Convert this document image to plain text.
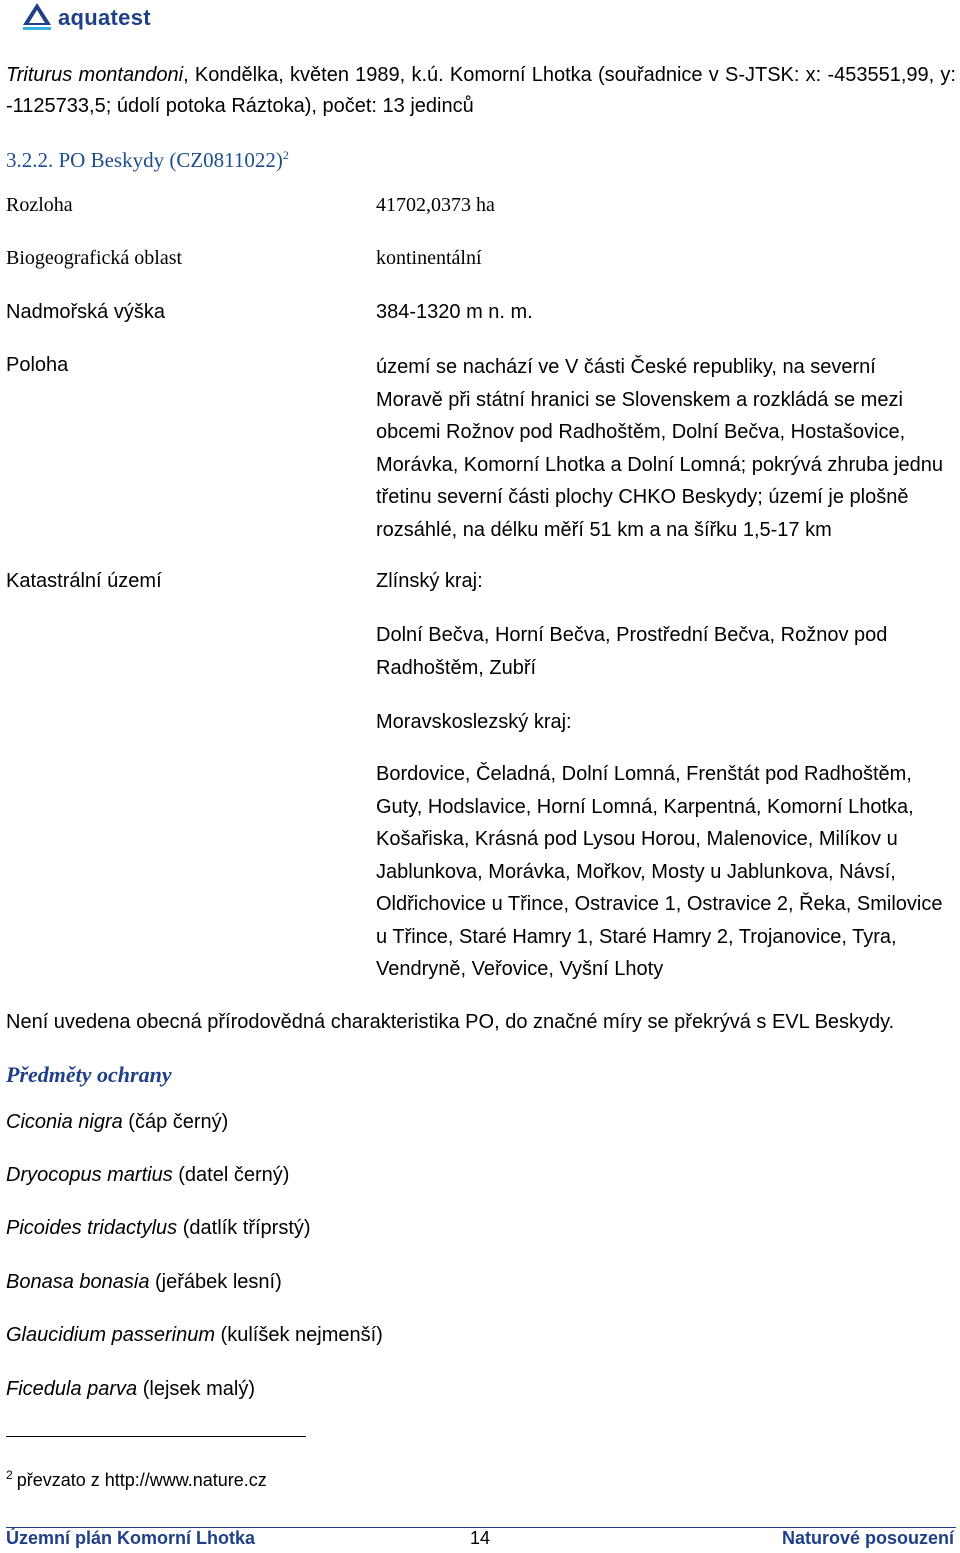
aquatest
Triturus montandoni, Kondělka, květen 1989, k.ú. Komorní Lhotka (souřadnice v S-JTSK: x: -453551,99, y: -1125733,5; údolí potoka Ráztoka), počet: 13 jedinců
3.2.2. PO Beskydy $(CZ0811022)^2$
Rozloha	41702,0373 ha
Biogeografická oblast	kontinentální
Nadmořská výška	384-1320 m n. m.
Poloha	území se nachází ve V části České republiky, na severní Moravě při státní hranici se Slovenskem a rozkládá se mezi obcemi Rožnov pod Radhoštěm, Dolní Bečva, Hostašovice, Morávka, Komorní Lhotka a Dolní Lomná; pokrývá zhruba jednu třetinu severní části plochy CHKO Beskydy; území je plošně rozsáhlé, na délku měří 51 km a na šířku 1,5-17 km
Katastrální území	Zlínský kraj:
Dolní Bečva, Horní Bečva, Prostřední Bečva, Rožnov pod Radhoštěm, Zubří
Moravskoslezský kraj:
Bordovice, Čeladná, Dolní Lomná, Frenštát pod Radhoštěm, Guty, Hodslavice, Horní Lomná, Karpentná, Komorní Lhotka, Košařiska, Krásná pod Lysou Horou, Malenovice, Milíkov u Jablunkova, Morávka, Mořkov, Mosty u Jablunkova, Návsí, Oldřichovice u Třince, Ostravice 1, Ostravice 2, Řeka, Smilovice u Třince, Staré Hamry 1, Staré Hamry 2, Trojanovice, Tyra, Vendryně, Veřovice, Vyšní Lhoty
Není uvedena obecná přírodovědná charakteristika PO, do značné míry se překrývá s EVL Beskydy.
Předměty ochrany
Ciconia nigra (čáp černý)
Dryocopus martius (datel černý)
Picoides tridactylus (datlík tříprstý)
Bonasa bonasia (jeřábek lesní)
Glaucidium passerinum (kulíšek nejmenší)
Ficedula parva (lejsek malý)
$^2$ převzato z http://www.nature.cz
Územní plán Komorní Lhotka	14	Naturové posouzení
